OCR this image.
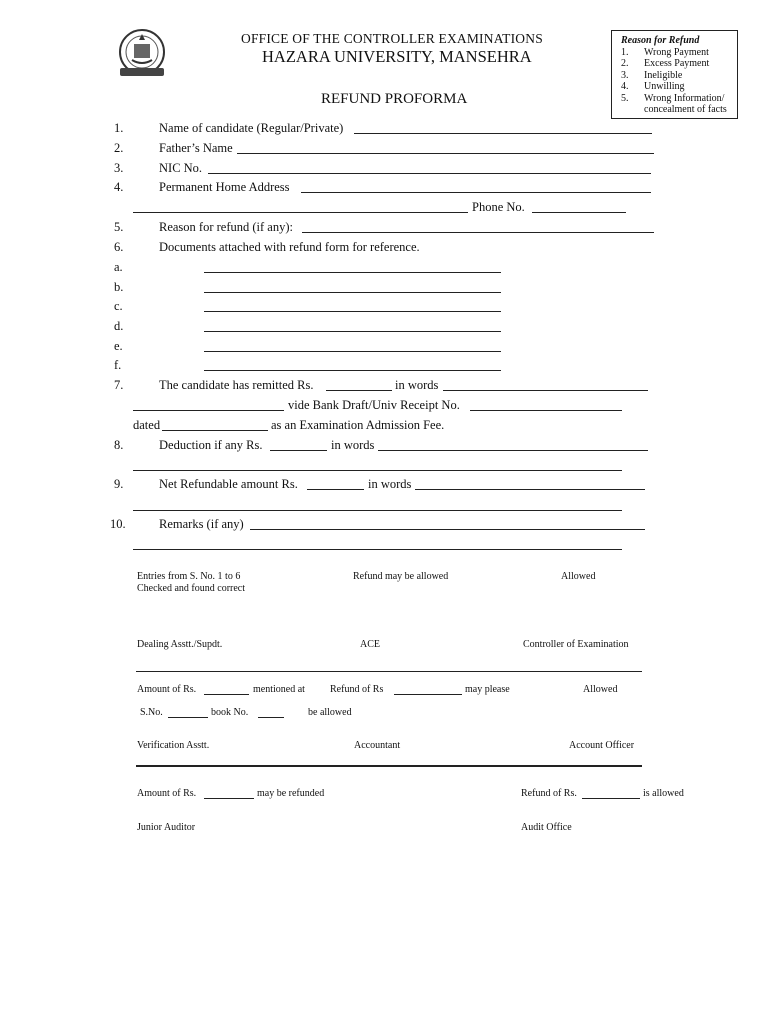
OFFICE OF THE CONTROLLER EXAMINATIONS
HAZARA UNIVERSITY, MANSEHRA
REFUND PROFORMA
Reason for Refund
1. Wrong Payment
2. Excess Payment
3. Ineligible
4. Unwilling
5. Wrong Information/
concealment of facts
1.	Name of candidate (Regular/Private)
2.	Father’s Name
3.	NIC No.
4.	Permanent Home Address
Phone No.
5.	Reason for refund (if any):
6.	Documents attached with refund form for reference.
a.
b.
c.
d.
e.
f.
7.	The candidate has remitted Rs.	in words
vide Bank Draft/Univ Receipt No.
dated	as an Examination Admission Fee.
8.	Deduction if any Rs.	in words
9.	Net Refundable amount Rs.	in words
10.	Remarks (if any)
Entries from S. No. 1 to 6
Checked and found correct
Refund may be allowed	Allowed
Dealing Asstt./Supdt.	ACE	Controller of Examination
Amount of Rs.	mentioned at	Refund of Rs	may please	Allowed
S.No.	book No.	be allowed
Verification Asstt.	Accountant	Account Officer
Amount of Rs.	may be refunded	Refund of Rs.	is allowed
Junior Auditor	Audit Office
